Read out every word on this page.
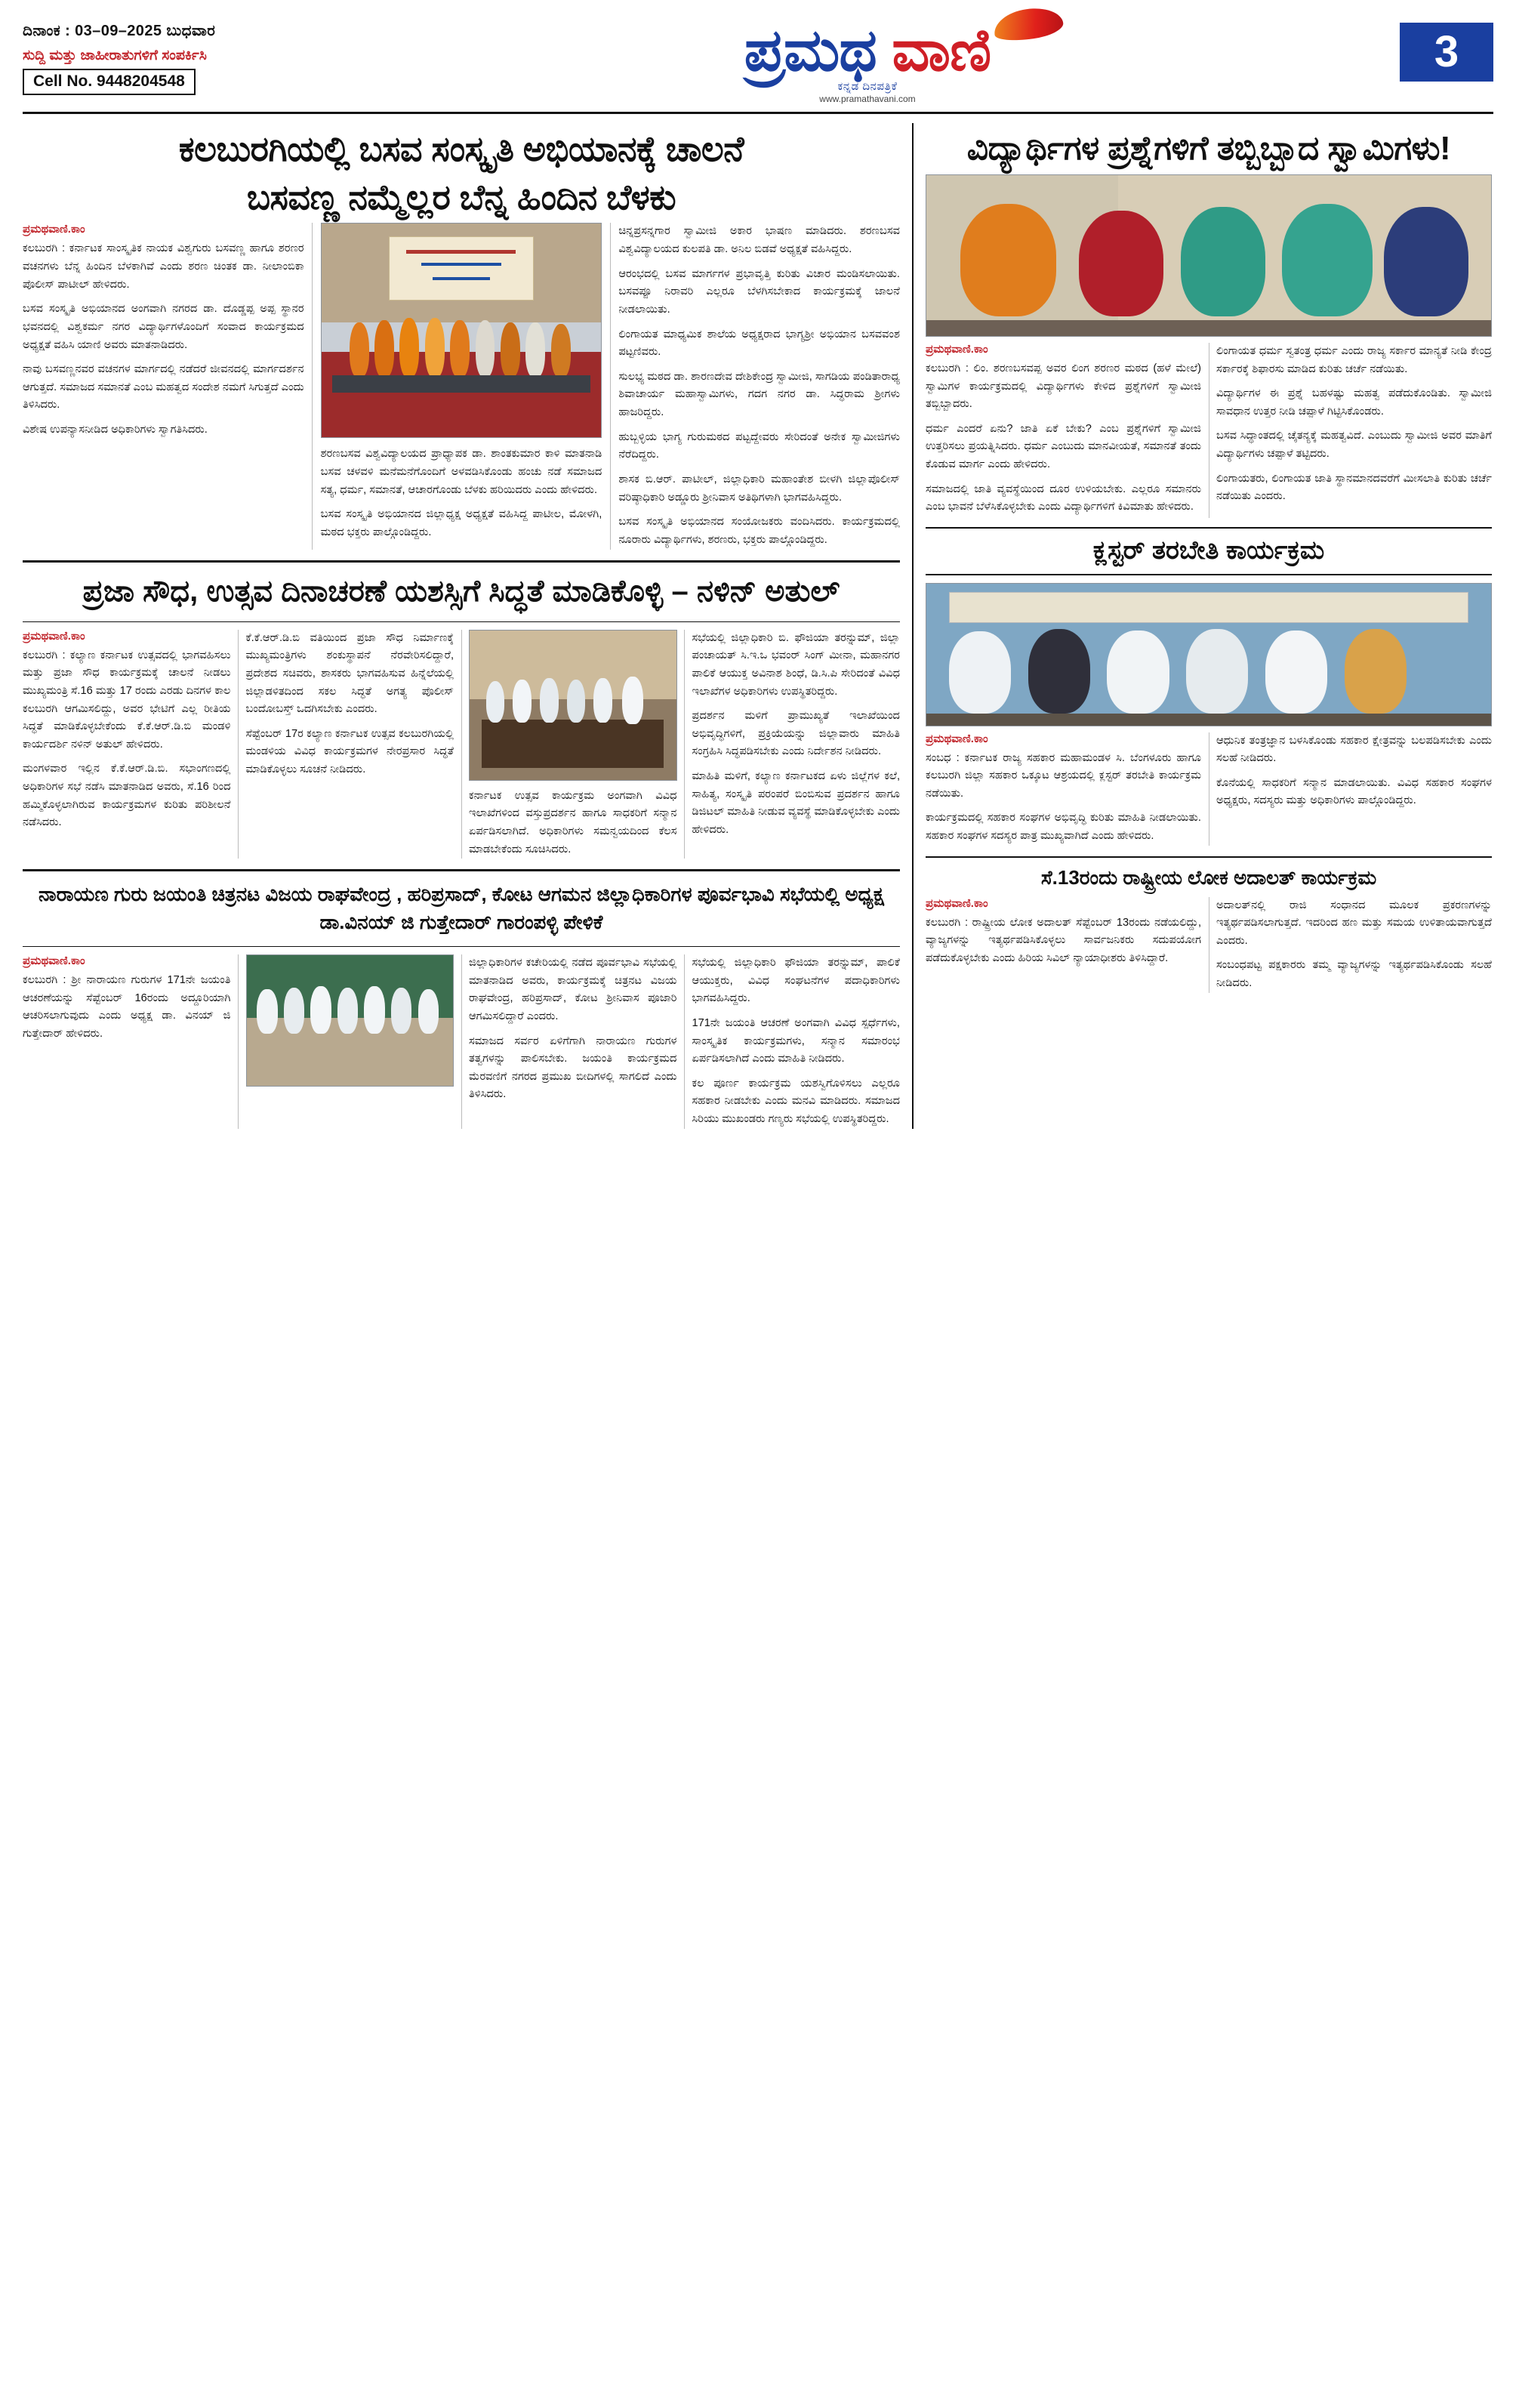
ದಿನಾಂಕ : 03–09–2025 ಬುಧವಾರ
ಸುದ್ದಿ ಮತ್ತು ಜಾಹೀರಾತುಗಳಿಗೆ ಸಂಪರ್ಕಿಸಿ
Cell No. 9448204548	ಪ್ರಮಥ ವಾಣಿ
ಕನ್ನಡ ದಿನಪತ್ರಿಕೆ
www.pramathavani.com
3
ಕಲಬುರಗಿಯಲ್ಲಿ ಬಸವ ಸಂಸ್ಕೃತಿ ಅಭಿಯಾನಕ್ಕೆ ಚಾಲನೆ
ಬಸವಣ್ಣ ನಮ್ಮೆಲ್ಲರ ಬೆನ್ನ ಹಿಂದಿನ ಬೆಳಕು
ಪ್ರಮಥವಾಣಿ.ಕಾಂ

ಕಲಬುರಗಿ : ಕರ್ನಾಟಕ ಸಾಂಸ್ಕೃತಿಕ ನಾಯಕ ವಿಶ್ವಗುರು ಬಸವಣ್ಣ ಹಾಗೂ ಶರಣರ ವಚನಗಳು ಬೆನ್ನ ಹಿಂದಿನ ಬೆಳಕಾಗಿವೆ ಎಂದು ಶರಣ ಚಿಂತಕ ಡಾ. ನೀಲಾಂಬಿಕಾ ಪೊಲೀಸ್ ಪಾಟೀಲ್ ಹೇಳಿದರು.

ಬಸವ ಸಂಸ್ಕೃತಿ ಅಭಿಯಾನದ ಅಂಗವಾಗಿ ನಗರದ ಡಾ. ದೊಡ್ಡಪ್ಪ ಅಪ್ಪ ಸ್ಥಾನರ ಭವನದಲ್ಲಿ ವಿಶ್ವಕರ್ಮ ನಗರ ವಿದ್ಯಾರ್ಥಿಗಳೊಂದಿಗೆ ಸಂವಾದ ಕಾರ್ಯಕ್ರಮದ ಅಧ್ಯಕ್ಷತೆ ವಹಿಸಿ ಯಾಣಿ ಅವರು ಮಾತನಾಡಿದರು.

ನಾವು ಬಸವಣ್ಣನವರ ವಚನಗಳ ಮಾರ್ಗದಲ್ಲಿ ನಡೆದರೆ ಜೀವನದಲ್ಲಿ ಮಾರ್ಗದರ್ಶನ ಆಗುತ್ತದೆ. ಸಮಾಜದ ಸಮಾನತೆ ಎಂಬ ಮಹತ್ವದ ಸಂದೇಶ ನಮಗೆ ಸಿಗುತ್ತದೆ ಎಂದು ತಿಳಿಸಿದರು.

ವಿಶೇಷ ಉಪನ್ಯಾಸನೀಡಿದ ಅಧಿಕಾರಿಗಳು ಸ್ವಾಗತಿಸಿದರು.

ಶರಣಬಸವ ವಿಶ್ವವಿದ್ಯಾಲಯದ ಪ್ರಾಧ್ಯಾಪಕ ಡಾ. ಶಾಂತಕುಮಾರ ಕಾಳಿ ಮಾತನಾಡಿ ಬಸವ ಚಳವಳಿ ಮನೆಮನೆಗೊಂದಿಗೆ ಅಳವಡಿಸಿಕೊಂಡು ಹಂಚು ನಡೆ ಸಮಾಜದ ಸತ್ಯ, ಧರ್ಮ, ಸಮಾನತೆ, ಆಚಾರಗೊಂಡು ಬೆಳಕು ಹರಿಯಿದರು ಎಂದು ಹೇಳಿದರು.

ಬಸವ ಸಂಸ್ಕೃತಿ ಅಭಿಯಾನದ ಜಿಲ್ಲಾಧ್ಯಕ್ಷ ಅಧ್ಯಕ್ಷತೆ ವಹಿಸಿದ್ದ ಪಾಟೀಲ, ಮೋಳಗಿ, ಮಠದ ಭಕ್ತರು ಪಾಲ್ಗೊಂಡಿದ್ದರು.

ಚಿನ್ನಪ್ರಸನ್ನಗಾರ ಸ್ವಾಮೀಜಿ ಅಕಾರ ಭಾಷಣ ಮಾಡಿದರು. ಶರಣಬಸವ ವಿಶ್ವವಿದ್ಯಾಲಯದ ಕುಲಪತಿ ಡಾ. ಅನಿಲ ಬಿಡವೆ ಅಧ್ಯಕ್ಷತೆ ವಹಿಸಿದ್ದರು.

ಆರಂಭದಲ್ಲಿ ಬಸವ ಮಾರ್ಗಗಳ ಪ್ರಭಾವೃತ್ತಿ ಕುರಿತು ವಿಚಾರ ಮಂಡಿಸಲಾಯಿತು. ಬಸವಪ್ಪೂ ನಿರಾವರಿ ಎಲ್ಲರೂ ಬೆಳಗಿಸಬೇಕಾದ ಕಾರ್ಯಕ್ರಮಕ್ಕೆ ಜಾಲನೆ ನೀಡಲಾಯಿತು.

ಲಿಂಗಾಯತ ಮಾಧ್ಯಮಿಕ ಶಾಲೆಯ ಅಧ್ಯಕ್ಷರಾದ ಭಾಗ್ಯಶ್ರೀ ಅಭಿಯಾನ ಬಸವವಂಶ ಪಟ್ಟಣಿವರು.

ಸುಲಭ್ಯ ಮಠದ ಡಾ. ಶಾರಣದೇವ ದೇಶಿಕೇಂದ್ರ ಸ್ವಾಮೀಜಿ, ಸಾಗಡಿಯ ಪಂಡಿತಾರಾಧ್ಯ ಶಿವಾಚಾರ್ಯ ಮಹಾಸ್ವಾಮಿಗಳು, ಗದಗ ನಗರ ಡಾ. ಸಿದ್ಧರಾಮ ಶ್ರೀಗಳು ಹಾಜರಿದ್ದರು.

ಹುಬ್ಬಳ್ಳಿಯ ಭಾಗ್ಯ ಗುರುಮಠದ ಪಟ್ಟದ್ದೇವರು ಸೇರಿದಂತೆ ಅನೇಕ ಸ್ವಾಮೀಜಿಗಳು ನೆರೆದಿದ್ದರು.

ಶಾಸಕ ಬಿ.ಆರ್. ಪಾಟೀಲ್, ಜಿಲ್ಲಾಧಿಕಾರಿ ಮಹಾಂತೇಶ ಬೀಳಗಿ ಜಿಲ್ಲಾಪೊಲೀಸ್ ವರಿಷ್ಠಾಧಿಕಾರಿ ಅಡ್ಡೂರು ಶ್ರೀನಿವಾಸ ಅತಿಥಿಗಳಾಗಿ ಭಾಗವಹಿಸಿದ್ದರು.

ಬಸವ ಸಂಸ್ಕೃತಿ ಅಭಿಯಾನದ ಸಂಯೋಜಕರು ವಂದಿಸಿದರು. ಕಾರ್ಯಕ್ರಮದಲ್ಲಿ ನೂರಾರು ವಿದ್ಯಾರ್ಥಿಗಳು, ಶರಣರು, ಭಕ್ತರು ಪಾಲ್ಗೊಂಡಿದ್ದರು.

ಪ್ರಜಾ ಸೌಧ, ಉತ್ಸವ ದಿನಾಚರಣೆ ಯಶಸ್ಸಿಗೆ ಸಿದ್ಧತೆ ಮಾಡಿಕೊಳ್ಳಿ – ನಳಿನ್ ಅತುಲ್
ಪ್ರಮಥವಾಣಿ.ಕಾಂ

ಕಲಬುರಗಿ : ಕಲ್ಯಾಣ ಕರ್ನಾಟಕ ಉತ್ಸವದಲ್ಲಿ ಭಾಗವಹಿಸಲು ಮತ್ತು ಪ್ರಜಾ ಸೌಧ ಕಾರ್ಯಕ್ರಮಕ್ಕೆ ಚಾಲನೆ ನೀಡಲು ಮುಖ್ಯಮಂತ್ರಿ ಸೆ.16 ಮತ್ತು 17 ರಂದು ಎರಡು ದಿನಗಳ ಕಾಲ ಕಲಬುರಗಿ ಆಗಮಿಸಲಿದ್ದು, ಅವರ ಭೇಟಿಗೆ ಎಲ್ಲ ರೀತಿಯ ಸಿದ್ಧತೆ ಮಾಡಿಕೊಳ್ಳಬೇಕೆಂದು ಕೆ.ಕೆ.ಆರ್.ಡಿ.ಬಿ ಮಂಡಳಿ ಕಾರ್ಯದರ್ಶಿ ನಳಿನ್ ಅತುಲ್ ಹೇಳಿದರು.

ಮಂಗಳವಾರ ಇಲ್ಲಿನ ಕೆ.ಕೆ.ಆರ್.ಡಿ.ಬಿ. ಸಭಾಂಗಣದಲ್ಲಿ ಅಧಿಕಾರಿಗಳ ಸಭೆ ನಡೆಸಿ ಮಾತನಾಡಿದ ಅವರು, ಸೆ.16 ರಿಂದ ಹಮ್ಮಿಕೊಳ್ಳಲಾಗಿರುವ ಕಾರ್ಯಕ್ರಮಗಳ ಕುರಿತು ಪರಿಶೀಲನೆ ನಡೆಸಿದರು.

ಕೆ.ಕೆ.ಆರ್.ಡಿ.ಬಿ ವತಿಯಿಂದ ಪ್ರಜಾ ಸೌಧ ನಿರ್ಮಾಣಕ್ಕೆ ಮುಖ್ಯಮಂತ್ರಿಗಳು ಶಂಕುಸ್ಥಾಪನೆ ನೆರವೇರಿಸಲಿದ್ದಾರೆ, ಪ್ರದೇಶದ ಸಚಿವರು, ಶಾಸಕರು ಭಾಗವಹಿಸುವ ಹಿನ್ನೆಲೆಯಲ್ಲಿ ಜಿಲ್ಲಾಡಳಿತದಿಂದ ಸಕಲ ಸಿದ್ಧತೆ ಅಗತ್ಯ ಪೊಲೀಸ್ ಬಂದೋಬಸ್ತ್ ಒದಗಿಸಬೇಕು ಎಂದರು.

ಸೆಪ್ಟೆಂಬರ್ 17ರ ಕಲ್ಯಾಣ ಕರ್ನಾಟಕ ಉತ್ಸವ ಕಲಬುರಗಿಯಲ್ಲಿ ಮಂಡಳಿಯ ವಿವಿಧ ಕಾರ್ಯಕ್ರಮಗಳ ನೇರಪ್ರಸಾರ ಸಿದ್ಧತೆ ಮಾಡಿಕೊಳ್ಳಲು ಸೂಚನೆ ನೀಡಿದರು.

ಕರ್ನಾಟಕ ಉತ್ಸವ ಕಾರ್ಯಕ್ರಮ ಅಂಗವಾಗಿ ವಿವಿಧ ಇಲಾಖೆಗಳಿಂದ ವಸ್ತುಪ್ರದರ್ಶನ ಹಾಗೂ ಸಾಧಕರಿಗೆ ಸನ್ಮಾನ ಏರ್ಪಡಿಸಲಾಗಿದೆ. ಅಧಿಕಾರಿಗಳು ಸಮನ್ವಯದಿಂದ ಕೆಲಸ ಮಾಡಬೇಕೆಂದು ಸೂಚಿಸಿದರು.

ಸಭೆಯಲ್ಲಿ ಜಿಲ್ಲಾಧಿಕಾರಿ ಬಿ. ಫೌಜಿಯಾ ತರನ್ನುಮ್, ಜಿಲ್ಲಾ ಪಂಚಾಯತ್ ಸಿ.ಇ.ಒ ಭವಂರ್ ಸಿಂಗ್ ಮೀನಾ, ಮಹಾನಗರ ಪಾಲಿಕೆ ಆಯುಕ್ತ ಅವಿನಾಶ ಶಿಂಧೆ, ಡಿ.ಸಿ.ಪಿ ಸೇರಿದಂತೆ ವಿವಿಧ ಇಲಾಖೆಗಳ ಅಧಿಕಾರಿಗಳು ಉಪಸ್ಥಿತರಿದ್ದರು.

ಪ್ರದರ್ಶನ ಮಳಿಗೆ ಪ್ರಾಮುಖ್ಯತೆ ಇಲಾಖೆಯಿಂದ ಅಭಿವೃದ್ಧಿಗಳಿಗೆ, ಪ್ರಕ್ರಿಯೆಯನ್ನು ಜಿಲ್ಲಾವಾರು ಮಾಹಿತಿ ಸಂಗ್ರಹಿಸಿ ಸಿದ್ಧಪಡಿಸಬೇಕು ಎಂದು ನಿರ್ದೇಶನ ನೀಡಿದರು.

ಮಾಹಿತಿ ಮಳಿಗೆ, ಕಲ್ಯಾಣ ಕರ್ನಾಟಕದ ಏಳು ಜಿಲ್ಲೆಗಳ ಕಲೆ, ಸಾಹಿತ್ಯ, ಸಂಸ್ಕೃತಿ ಪರಂಪರೆ ಬಿಂಬಿಸುವ ಪ್ರದರ್ಶನ ಹಾಗೂ ಡಿಜಿಟಲ್ ಮಾಹಿತಿ ನೀಡುವ ವ್ಯವಸ್ಥೆ ಮಾಡಿಕೊಳ್ಳಬೇಕು ಎಂದು ಹೇಳಿದರು.

ನಾರಾಯಣ ಗುರು ಜಯಂತಿ ಚಿತ್ರನಟ ವಿಜಯ ರಾಘವೇಂದ್ರ , ಹರಿಪ್ರಸಾದ್, ಕೋಟ ಆಗಮನ ಜಿಲ್ಲಾಧಿಕಾರಿಗಳ ಪೂರ್ವಭಾವಿ ಸಭೆಯಲ್ಲಿ ಅಧ್ಯಕ್ಷ ಡಾ.ವಿನಯ್ ಜಿ ಗುತ್ತೇದಾರ್ ಗಾರಂಪಳ್ಳಿ ಪೇಳಿಕೆ
ಪ್ರಮಥವಾಣಿ.ಕಾಂ

ಕಲಬುರಗಿ : ಶ್ರೀ ನಾರಾಯಣ ಗುರುಗಳ 171ನೇ ಜಯಂತಿ ಆಚರಣೆಯನ್ನು ಸೆಪ್ಟೆಂಬರ್ 16ರಂದು ಅದ್ದೂರಿಯಾಗಿ ಆಚರಿಸಲಾಗುವುದು ಎಂದು ಅಧ್ಯಕ್ಷ ಡಾ. ವಿನಯ್ ಜಿ ಗುತ್ತೇದಾರ್ ಹೇಳಿದರು.

ಜಿಲ್ಲಾಧಿಕಾರಿಗಳ ಕಚೇರಿಯಲ್ಲಿ ನಡೆದ ಪೂರ್ವಭಾವಿ ಸಭೆಯಲ್ಲಿ ಮಾತನಾಡಿದ ಅವರು, ಕಾರ್ಯಕ್ರಮಕ್ಕೆ ಚಿತ್ರನಟ ವಿಜಯ ರಾಘವೇಂದ್ರ, ಹರಿಪ್ರಸಾದ್, ಕೋಟ ಶ್ರೀನಿವಾಸ ಪೂಜಾರಿ ಆಗಮಿಸಲಿದ್ದಾರೆ ಎಂದರು.

ಸಮಾಜದ ಸರ್ವರ ಏಳಿಗೆಗಾಗಿ ನಾರಾಯಣ ಗುರುಗಳ ತತ್ವಗಳನ್ನು ಪಾಲಿಸಬೇಕು. ಜಯಂತಿ ಕಾರ್ಯಕ್ರಮದ ಮೆರವಣಿಗೆ ನಗರದ ಪ್ರಮುಖ ಬೀದಿಗಳಲ್ಲಿ ಸಾಗಲಿದೆ ಎಂದು ತಿಳಿಸಿದರು.

ಸಭೆಯಲ್ಲಿ ಜಿಲ್ಲಾಧಿಕಾರಿ ಫೌಜಿಯಾ ತರನ್ನುಮ್, ಪಾಲಿಕೆ ಆಯುಕ್ತರು, ವಿವಿಧ ಸಂಘಟನೆಗಳ ಪದಾಧಿಕಾರಿಗಳು ಭಾಗವಹಿಸಿದ್ದರು.

171ನೇ ಜಯಂತಿ ಆಚರಣೆ ಅಂಗವಾಗಿ ವಿವಿಧ ಸ್ಪರ್ಧೆಗಳು, ಸಾಂಸ್ಕೃತಿಕ ಕಾರ್ಯಕ್ರಮಗಳು, ಸನ್ಮಾನ ಸಮಾರಂಭ ಏರ್ಪಡಿಸಲಾಗಿದೆ ಎಂದು ಮಾಹಿತಿ ನೀಡಿದರು.

ಕಲ ಪೂರ್ಣ ಕಾರ್ಯಕ್ರಮ ಯಶಸ್ವಿಗೊಳಿಸಲು ಎಲ್ಲರೂ ಸಹಕಾರ ನೀಡಬೇಕು ಎಂದು ಮನವಿ ಮಾಡಿದರು. ಸಮಾಜದ ಸಿರಿಯು ಮುಖಂಡರು ಗಣ್ಯರು ಸಭೆಯಲ್ಲಿ ಉಪಸ್ಥಿತರಿದ್ದರು.

ವಿದ್ಯಾರ್ಥಿಗಳ ಪ್ರಶ್ನೆಗಳಿಗೆ ತಬ್ಬಿಬ್ಬಾದ ಸ್ವಾಮಿಗಳು!
ಪ್ರಮಥವಾಣಿ.ಕಾಂ

ಕಲಬುರಗಿ : ಲಿಂ. ಶರಣಬಸವಪ್ಪ ಅವರ ಲಿಂಗ ಶರಣರ ಮಠದ (ಹಳೆ ಮೇಲೆ) ಸ್ವಾಮಿಗಳ ಕಾರ್ಯಕ್ರಮದಲ್ಲಿ ವಿದ್ಯಾರ್ಥಿಗಳು ಕೇಳಿದ ಪ್ರಶ್ನೆಗಳಿಗೆ ಸ್ವಾಮೀಜಿ ತಬ್ಬಿಬ್ಬಾದರು.

ಧರ್ಮ ಎಂದರೆ ಏನು? ಜಾತಿ ಏಕೆ ಬೇಕು? ಎಂಬ ಪ್ರಶ್ನೆಗಳಿಗೆ ಸ್ವಾಮೀಜಿ ಉತ್ತರಿಸಲು ಪ್ರಯತ್ನಿಸಿದರು. ಧರ್ಮ ಎಂಬುದು ಮಾನವೀಯತೆ, ಸಮಾನತೆ ತಂದು ಕೊಡುವ ಮಾರ್ಗ ಎಂದು ಹೇಳಿದರು.

ಸಮಾಜದಲ್ಲಿ ಜಾತಿ ವ್ಯವಸ್ಥೆಯಿಂದ ದೂರ ಉಳಿಯಬೇಕು. ಎಲ್ಲರೂ ಸಮಾನರು ಎಂಬ ಭಾವನೆ ಬೆಳೆಸಿಕೊಳ್ಳಬೇಕು ಎಂದು ವಿದ್ಯಾರ್ಥಿಗಳಿಗೆ ಕಿವಿಮಾತು ಹೇಳಿದರು.

ಲಿಂಗಾಯತ ಧರ್ಮ ಸ್ವತಂತ್ರ ಧರ್ಮ ಎಂದು ರಾಜ್ಯ ಸರ್ಕಾರ ಮಾನ್ಯತೆ ನೀಡಿ ಕೇಂದ್ರ ಸರ್ಕಾರಕ್ಕೆ ಶಿಫಾರಸು ಮಾಡಿದ ಕುರಿತು ಚರ್ಚೆ ನಡೆಯಿತು.

ವಿದ್ಯಾರ್ಥಿಗಳ ಈ ಪ್ರಶ್ನೆ ಬಹಳಷ್ಟು ಮಹತ್ವ ಪಡೆದುಕೊಂಡಿತು. ಸ್ವಾಮೀಜಿ ಸಾವಧಾನ ಉತ್ತರ ನೀಡಿ ಚಪ್ಪಾಳೆ ಗಿಟ್ಟಿಸಿಕೊಂಡರು.

ಬಸವ ಸಿದ್ಧಾಂತದಲ್ಲಿ ಚೈತನ್ಯಕ್ಕೆ ಮಹತ್ವವಿದೆ. ಎಂಬುದು ಸ್ವಾಮೀಜಿ ಅವರ ಮಾತಿಗೆ ವಿದ್ಯಾರ್ಥಿಗಳು ಚಪ್ಪಾಳೆ ತಟ್ಟಿದರು.

ಲಿಂಗಾಯತರು, ಲಿಂಗಾಯತ ಜಾತಿ ಸ್ಥಾನಮಾನದವರೆಗೆ ಮೀಸಲಾತಿ ಕುರಿತು ಚರ್ಚೆ ನಡೆಯಿತು ಎಂದರು.

ಕ್ಲಸ್ಟರ್ ತರಬೇತಿ ಕಾರ್ಯಕ್ರಮ
ಪ್ರಮಥವಾಣಿ.ಕಾಂ

ಸಂಬಧ : ಕರ್ನಾಟಕ ರಾಜ್ಯ ಸಹಕಾರ ಮಹಾಮಂಡಳ ಸಿ. ಬೆಂಗಳೂರು ಹಾಗೂ ಕಲಬುರಗಿ ಜಿಲ್ಲಾ ಸಹಕಾರ ಒಕ್ಕೂಟ ಆಶ್ರಯದಲ್ಲಿ ಕ್ಲಸ್ಟರ್ ತರಬೇತಿ ಕಾರ್ಯಕ್ರಮ ನಡೆಯಿತು.

ಕಾರ್ಯಕ್ರಮದಲ್ಲಿ ಸಹಕಾರ ಸಂಘಗಳ ಅಭಿವೃದ್ಧಿ ಕುರಿತು ಮಾಹಿತಿ ನೀಡಲಾಯಿತು. ಸಹಕಾರ ಸಂಘಗಳ ಸದಸ್ಯರ ಪಾತ್ರ ಮುಖ್ಯವಾಗಿದೆ ಎಂದು ಹೇಳಿದರು.

ಆಧುನಿಕ ತಂತ್ರಜ್ಞಾನ ಬಳಸಿಕೊಂಡು ಸಹಕಾರ ಕ್ಷೇತ್ರವನ್ನು ಬಲಪಡಿಸಬೇಕು ಎಂದು ಸಲಹೆ ನೀಡಿದರು.

ಕೊನೆಯಲ್ಲಿ ಸಾಧಕರಿಗೆ ಸನ್ಮಾನ ಮಾಡಲಾಯಿತು. ವಿವಿಧ ಸಹಕಾರ ಸಂಘಗಳ ಅಧ್ಯಕ್ಷರು, ಸದಸ್ಯರು ಮತ್ತು ಅಧಿಕಾರಿಗಳು ಪಾಲ್ಗೊಂಡಿದ್ದರು.

ಸೆ.13ರಂದು ರಾಷ್ಟ್ರೀಯ ಲೋಕ ಅದಾಲತ್ ಕಾರ್ಯಕ್ರಮ
ಪ್ರಮಥವಾಣಿ.ಕಾಂ

ಕಲಬುರಗಿ : ರಾಷ್ಟ್ರೀಯ ಲೋಕ ಅದಾಲತ್ ಸೆಪ್ಟೆಂಬರ್ 13ರಂದು ನಡೆಯಲಿದ್ದು, ವ್ಯಾಜ್ಯಗಳನ್ನು ಇತ್ಯರ್ಥಪಡಿಸಿಕೊಳ್ಳಲು ಸಾರ್ವಜನಿಕರು ಸದುಪಯೋಗ ಪಡೆದುಕೊಳ್ಳಬೇಕು ಎಂದು ಹಿರಿಯ ಸಿವಿಲ್ ನ್ಯಾಯಾಧೀಶರು ತಿಳಿಸಿದ್ದಾರೆ.

ಅದಾಲತ್‌ನಲ್ಲಿ ರಾಜಿ ಸಂಧಾನದ ಮೂಲಕ ಪ್ರಕರಣಗಳನ್ನು ಇತ್ಯರ್ಥಪಡಿಸಲಾಗುತ್ತದೆ. ಇದರಿಂದ ಹಣ ಮತ್ತು ಸಮಯ ಉಳಿತಾಯವಾಗುತ್ತದೆ ಎಂದರು.

ಸಂಬಂಧಪಟ್ಟ ಪಕ್ಷಕಾರರು ತಮ್ಮ ವ್ಯಾಜ್ಯಗಳನ್ನು ಇತ್ಯರ್ಥಪಡಿಸಿಕೊಂಡು ಸಲಹೆ ನೀಡಿದರು.
